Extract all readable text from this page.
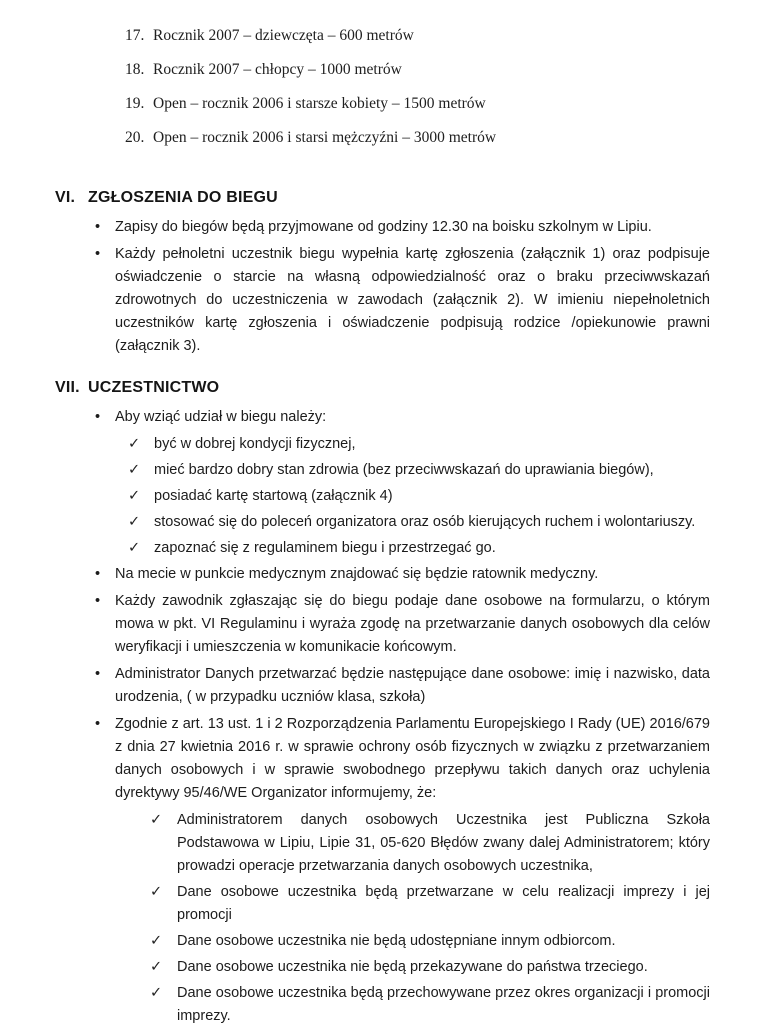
17. Rocznik 2007 – dziewczęta – 600 metrów
18. Rocznik 2007 – chłopcy – 1000 metrów
19. Open – rocznik 2006 i starsze kobiety – 1500 metrów
20. Open – rocznik 2006 i starsi mężczyźni – 3000 metrów
VI. ZGŁOSZENIA DO BIEGU
•	Zapisy do biegów będą przyjmowane od godziny 12.30 na boisku szkolnym w Lipiu.
•	Każdy pełnoletni uczestnik biegu wypełnia kartę zgłoszenia (załącznik 1) oraz podpisuje oświadczenie o starcie na własną odpowiedzialność oraz o braku przeciwwskazań zdrowotnych do uczestniczenia w zawodach (załącznik 2). W imieniu niepełnoletnich uczestników kartę zgłoszenia i oświadczenie podpisują rodzice /opiekunowie prawni (załącznik 3).
VII. UCZESTNICTWO
•	Aby wziąć udział w biegu należy:
✓ być w dobrej kondycji fizycznej,
✓ mieć bardzo dobry stan zdrowia (bez przeciwwskazań do uprawiania biegów),
✓ posiadać kartę startową (załącznik 4)
✓ stosować się do poleceń organizatora oraz osób kierujących ruchem i wolontariuszy.
✓ zapoznać się z regulaminem biegu i przestrzegać go.
•	Na mecie w punkcie medycznym znajdować się będzie ratownik medyczny.
•	Każdy zawodnik zgłaszając się do biegu podaje dane osobowe na formularzu, o którym mowa w pkt. VI Regulaminu i wyraża zgodę na przetwarzanie danych osobowych dla celów weryfikacji i umieszczenia w komunikacie końcowym.
•	Administrator Danych przetwarzać będzie następujące dane osobowe: imię i nazwisko, data urodzenia, ( w przypadku uczniów klasa, szkoła)
•	Zgodnie z art. 13 ust. 1 i 2 Rozporządzenia Parlamentu Europejskiego I Rady (UE) 2016/679 z dnia 27 kwietnia 2016 r. w sprawie ochrony osób fizycznych w związku z przetwarzaniem danych osobowych i w sprawie swobodnego przepływu takich danych oraz uchylenia dyrektywy 95/46/WE Organizator informujemy, że:
✓	Administratorem danych osobowych Uczestnika jest Publiczna Szkoła Podstawowa w Lipiu, Lipie 31, 05-620 Błędów zwany dalej Administratorem; który prowadzi operacje przetwarzania danych osobowych uczestnika,
✓	Dane osobowe uczestnika będą przetwarzane w celu realizacji imprezy i jej promocji
✓	Dane osobowe uczestnika nie będą udostępniane innym odbiorcom.
✓	Dane osobowe uczestnika nie będą przekazywane do państwa trzeciego.
✓	Dane osobowe uczestnika będą przechowywane przez okres organizacji i promocji imprezy.
